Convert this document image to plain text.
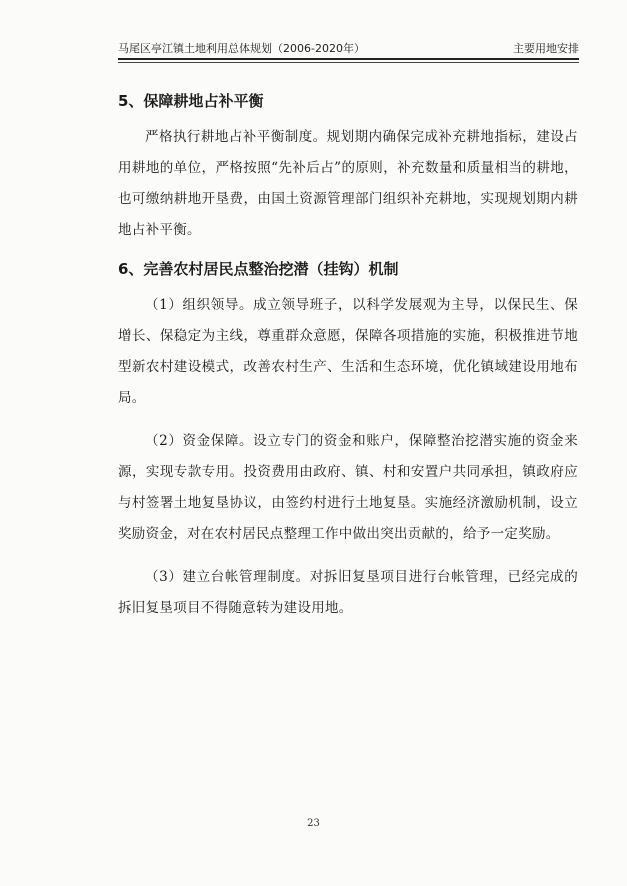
马尾区亭江镇土地利用总体规划（2006-2020年）	主要用地安排
5、保障耕地占补平衡

严格执行耕地占补平衡制度。规划期内确保完成补充耕地指标，建设占用耕地的单位，严格按照“先补后占”的原则，补充数量和质量相当的耕地，也可缴纳耕地开垦费，由国土资源管理部门组织补充耕地，实现规划期内耕地占补平衡。

6、完善农村居民点整治挖潜（挂钩）机制

（1）组织领导。成立领导班子，以科学发展观为主导，以保民生、保增长、保稳定为主线，尊重群众意愿，保障各项措施的实施，积极推进节地型新农村建设模式，改善农村生产、生活和生态环境，优化镇域建设用地布局。

（2）资金保障。设立专门的资金和账户，保障整治挖潜实施的资金来源，实现专款专用。投资费用由政府、镇、村和安置户共同承担，镇政府应与村签署土地复垦协议，由签约村进行土地复垦。实施经济激励机制，设立奖励资金，对在农村居民点整理工作中做出突出贡献的，给予一定奖励。

（3）建立台帐管理制度。对拆旧复垦项目进行台帐管理，已经完成的拆旧复垦项目不得随意转为建设用地。

23
